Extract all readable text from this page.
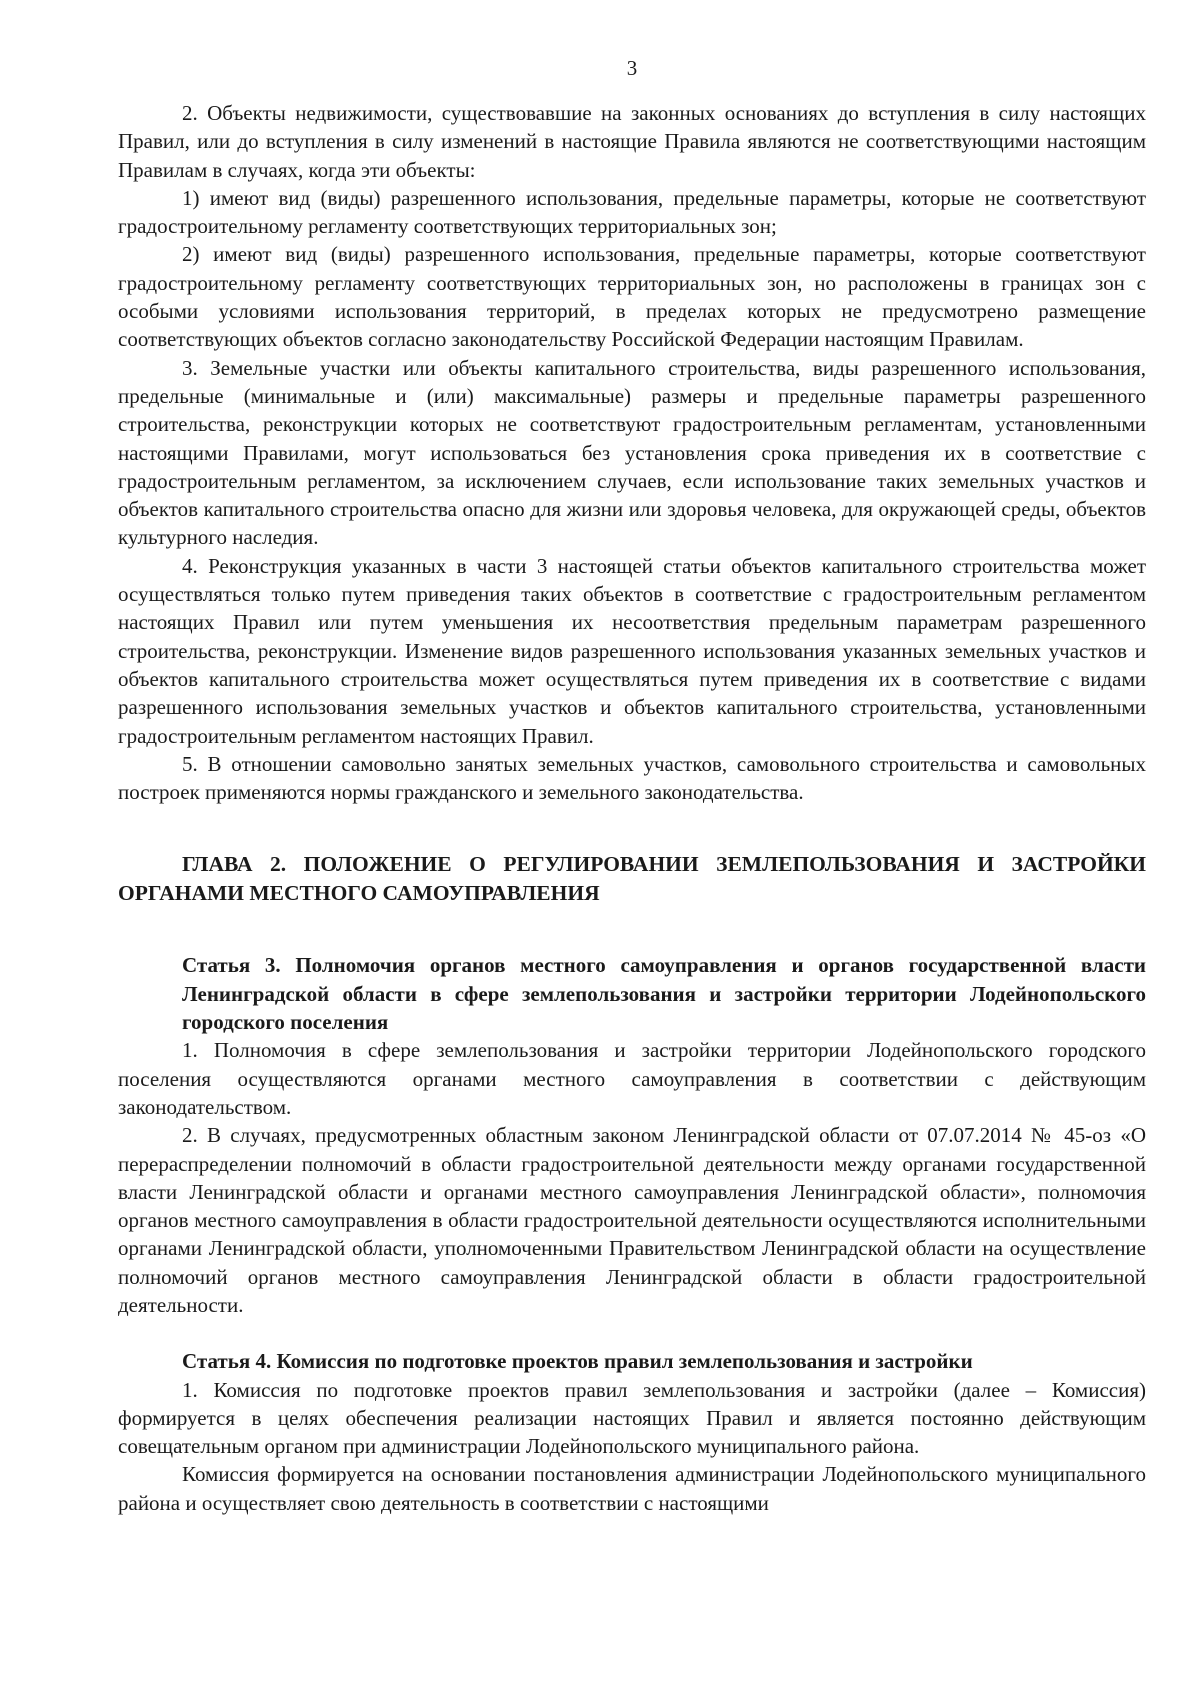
3

2. Объекты недвижимости, существовавшие на законных основаниях до вступления в силу настоящих Правил, или до вступления в силу изменений в настоящие Правила являются не соответствующими настоящим Правилам в случаях, когда эти объекты:

1) имеют вид (виды) разрешенного использования, предельные параметры, которые не соответствуют градостроительному регламенту соответствующих территориальных зон;

2) имеют вид (виды) разрешенного использования, предельные параметры, которые соответствуют градостроительному регламенту соответствующих территориальных зон, но расположены в границах зон с особыми условиями использования территорий, в пределах которых не предусмотрено размещение соответствующих объектов согласно законодательству Российской Федерации настоящим Правилам.

3. Земельные участки или объекты капитального строительства, виды разрешенного использования, предельные (минимальные и (или) максимальные) размеры и предельные параметры разрешенного строительства, реконструкции которых не соответствуют градостроительным регламентам, установленными настоящими Правилами, могут использоваться без установления срока приведения их в соответствие с градостроительным регламентом, за исключением случаев, если использование таких земельных участков и объектов капитального строительства опасно для жизни или здоровья человека, для окружающей среды, объектов культурного наследия.

4. Реконструкция указанных в части 3 настоящей статьи объектов капитального строительства может осуществляться только путем приведения таких объектов в соответствие с градостроительным регламентом настоящих Правил или путем уменьшения их несоответствия предельным параметрам разрешенного строительства, реконструкции. Изменение видов разрешенного использования указанных земельных участков и объектов капитального строительства может осуществляться путем приведения их в соответствие с видами разрешенного использования земельных участков и объектов капитального строительства, установленными градостроительным регламентом настоящих Правил.

5. В отношении самовольно занятых земельных участков, самовольного строительства и самовольных построек применяются нормы гражданского и земельного законодательства.

ГЛАВА 2. ПОЛОЖЕНИЕ О РЕГУЛИРОВАНИИ ЗЕМЛЕПОЛЬЗОВАНИЯ И ЗАСТРОЙКИ ОРГАНАМИ МЕСТНОГО САМОУПРАВЛЕНИЯ
Статья 3. Полномочия органов местного самоуправления и органов государственной власти Ленинградской области в сфере землепользования и застройки территории Лодейнопольского городского поселения

1. Полномочия в сфере землепользования и застройки территории Лодейнопольского городского поселения осуществляются органами местного самоуправления в соответствии с действующим законодательством.

2. В случаях, предусмотренных областным законом Ленинградской области от 07.07.2014 № 45-оз «О перераспределении полномочий в области градостроительной деятельности между органами государственной власти Ленинградской области и органами местного самоуправления Ленинградской области», полномочия органов местного самоуправления в области градостроительной деятельности осуществляются исполнительными органами Ленинградской области, уполномоченными Правительством Ленинградской области на осуществление полномочий органов местного самоуправления Ленинградской области в области градостроительной деятельности.

Статья 4. Комиссия по подготовке проектов правил землепользования и застройки

1. Комиссия по подготовке проектов правил землепользования и застройки (далее – Комиссия) формируется в целях обеспечения реализации настоящих Правил и является постоянно действующим совещательным органом при администрации Лодейнопольского муниципального района.

Комиссия формируется на основании постановления администрации Лодейнопольского муниципального района и осуществляет свою деятельность в соответствии с настоящими
